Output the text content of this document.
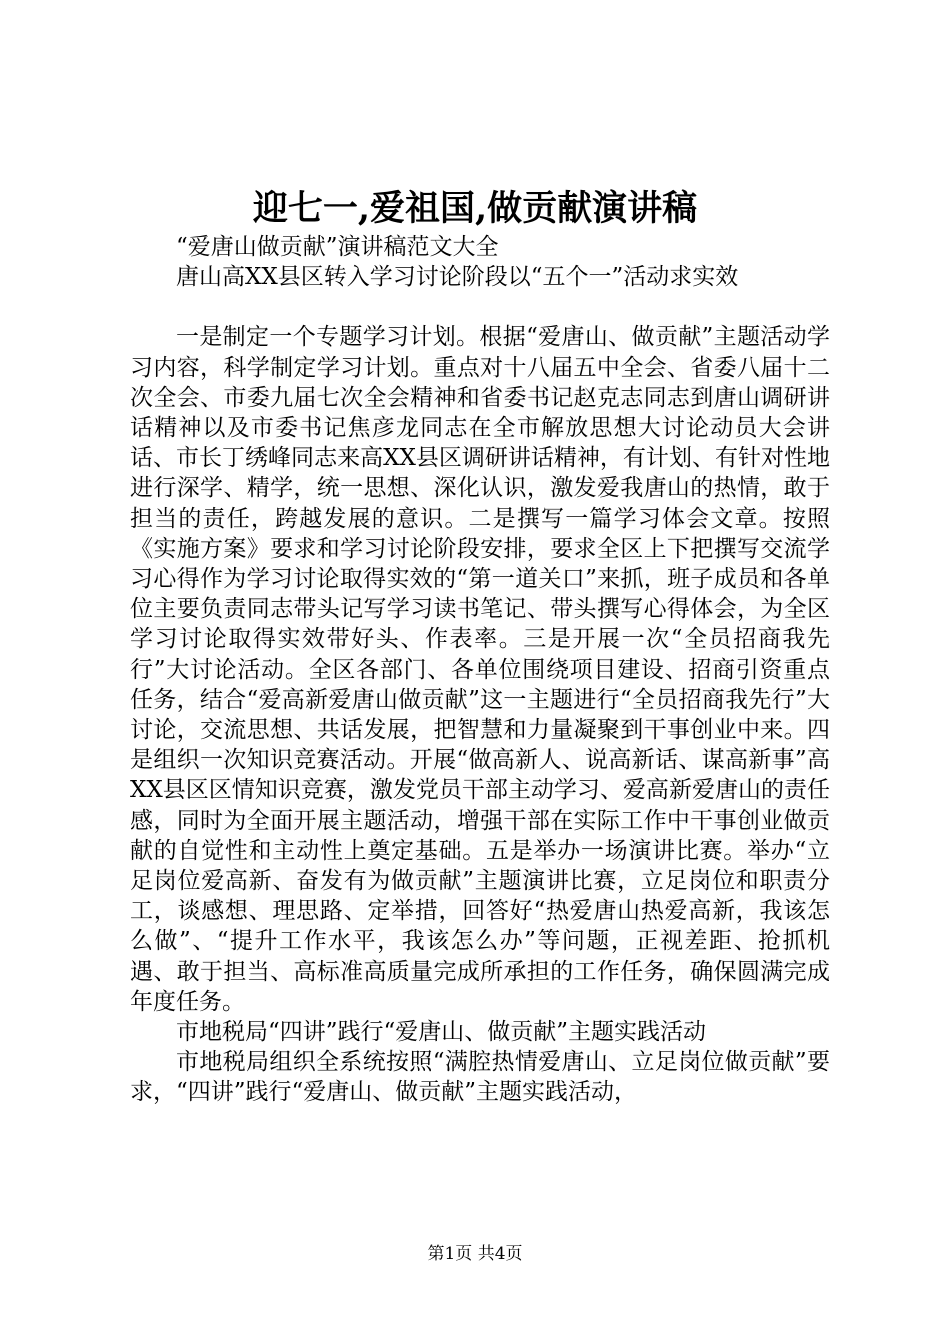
迎七一,爱祖国,做贡献演讲稿

“爱唐山做贡献”演讲稿范文大全

唐山高XX县区转入学习讨论阶段以“五个一”活动求实效

一是制定一个专题学习计划。根据“爱唐山、做贡献”主题活动学习内容，科学制定学习计划。重点对十八届五中全会、省委八届十二次全会、市委九届七次全会精神和省委书记赵克志同志到唐山调研讲话精神以及市委书记焦彦龙同志在全市解放思想大讨论动员大会讲话、市长丁绣峰同志来高XX县区调研讲话精神，有计划、有针对性地进行深学、精学，统一思想、深化认识，激发爱我唐山的热情，敢于担当的责任，跨越发展的意识。二是撰写一篇学习体会文章。按照《实施方案》要求和学习讨论阶段安排，要求全区上下把撰写交流学习心得作为学习讨论取得实效的“第一道关口”来抓，班子成员和各单位主要负责同志带头记写学习读书笔记、带头撰写心得体会，为全区学习讨论取得实效带好头、作表率。三是开展一次“全员招商我先行”大讨论活动。全区各部门、各单位围绕项目建设、招商引资重点任务，结合“爱高新爱唐山做贡献”这一主题进行“全员招商我先行”大讨论，交流思想、共话发展，把智慧和力量凝聚到干事创业中来。四是组织一次知识竞赛活动。开展“做高新人、说高新话、谋高新事”高XX县区区情知识竞赛，激发党员干部主动学习、爱高新爱唐山的责任感，同时为全面开展主题活动，增强干部在实际工作中干事创业做贡献的自觉性和主动性上奠定基础。五是举办一场演讲比赛。举办“立足岗位爱高新、奋发有为做贡献”主题演讲比赛，立足岗位和职责分工，谈感想、理思路、定举措，回答好“热爱唐山热爱高新，我该怎么做”、“提升工作水平，我该怎么办”等问题，正视差距、抢抓机遇、敢于担当、高标准高质量完成所承担的工作任务，确保圆满完成年度任务。

市地税局“四讲”践行“爱唐山、做贡献”主题实践活动

市地税局组织全系统按照“满腔热情爱唐山、立足岗位做贡献”要求，“四讲”践行“爱唐山、做贡献”主题实践活动，

第1页 共4页
